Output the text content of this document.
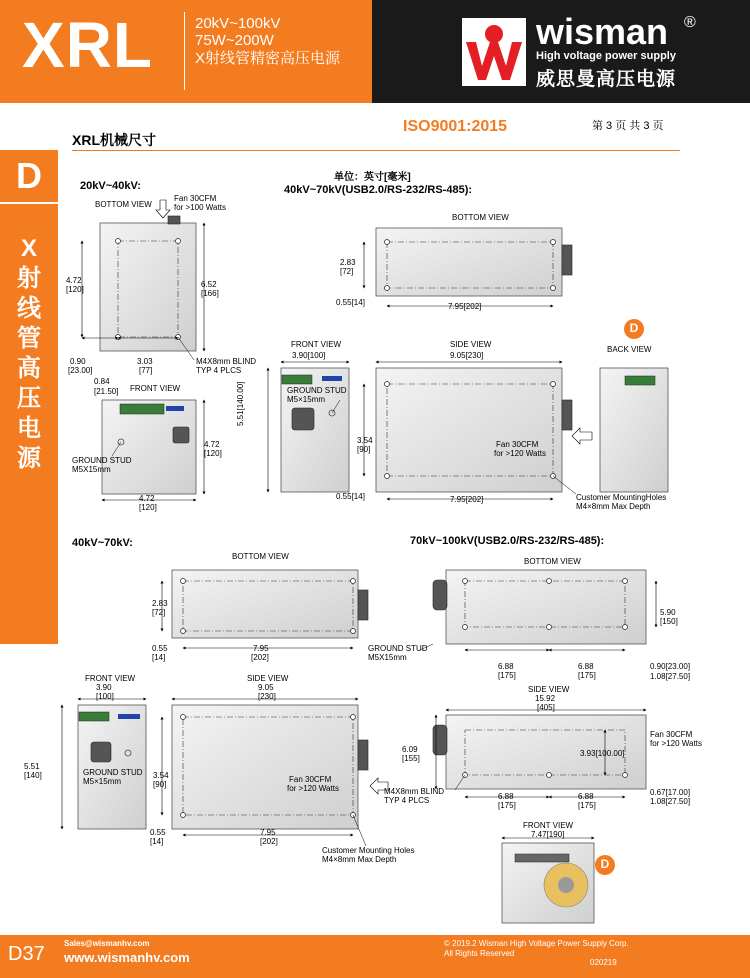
XRL	20kV~100kV
75W~200W
X射线管精密高压电源
wisman ®
High voltage power supply
威思曼高压电源
XRL机械尺寸
ISO9001:2015	第 3 页 共 3 页
D
X
射
线
管
高
压
电
源
单位：英寸[毫米]
20kV~40kV:
BOTTOM VIEW
Fan 30CFM
for >100 Watts
4.72
[120]
6.52
[166]
0.90
[23.00]
3.03
[77]
0.84
[21.50]
M4X8mm BLIND
TYP 4 PLCS
FRONT VIEW
4.72
[120]
GROUND STUD
M5X15mm
4.72
[120]
40kV~70kV(USB2.0/RS-232/RS-485):
BOTTOM VIEW
2.83
[72]
0.55[14]	7.95[202]
FRONT VIEW
3.90[100]
SIDE VIEW
9.05[230]
5.51[140.00]	GROUND STUD
M5×15mm
3.54
[90]
Fan 30CFM
for >120 Watts
0.55[14]	7.95[202]	Customer MountingHoles
M4×8mm Max Depth
D
BACK VIEW
40kV~70kV:
BOTTOM VIEW
2.83
[72]
0.55
[14]
7.95
[202]
GROUND STUD
M5X15mm
FRONT VIEW
3.90
[100]
SIDE VIEW
9.05
[230]
5.51
[140]	GROUND STUD
M5×15mm
3.54
[90]
Fan 30CFM
for >120 Watts
0.55
[14]
7.95
[202]
Customer Mounting Holes
M4×8mm Max Depth
70kV~100kV(USB2.0/RS-232/RS-485):
BOTTOM VIEW
5.90
[150]
6.88
[175]
6.88
[175]
0.90[23.00]
1.08[27.50]
SIDE VIEW
15.92
[405]
6.09
[155]
3.93[100.00]
Fan 30CFM
for >120 Watts
M4X8mm BLIND
TYP 4 PLCS	6.88
[175]
6.88
[175]
0.67[17.00]
1.08[27.50]
FRONT VIEW
7.47[190]
D
D37 Sales@wismanhv.com
www.wismanhv.com
© 2019.2 Wisman High Voltage Power Supply Corp.
All Rights Reserved
020219
